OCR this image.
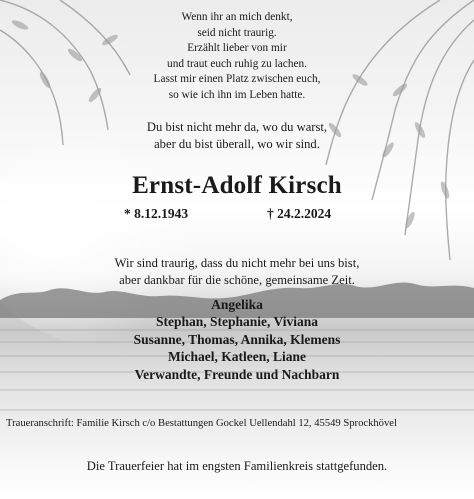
Wenn ihr an mich denkt,
seid nicht traurig.
Erzählt lieber von mir
und traut euch ruhig zu lachen.
Lasst mir einen Platz zwischen euch,
so wie ich ihn im Leben hatte.
Du bist nicht mehr da, wo du warst,
aber du bist überall, wo wir sind.
Ernst-Adolf Kirsch
* 8.12.1943	† 24.2.2024
Wir sind traurig, dass du nicht mehr bei uns bist,
aber dankbar für die schöne, gemeinsame Zeit.
Angelika
Stephan, Stephanie, Viviana
Susanne, Thomas, Annika, Klemens
Michael, Katleen, Liane
Verwandte, Freunde und Nachbarn
Traueranschrift: Familie Kirsch c/o Bestattungen Gockel Uellendahl 12, 45549 Sprockhövel
Die Trauerfeier hat im engsten Familienkreis stattgefunden.
